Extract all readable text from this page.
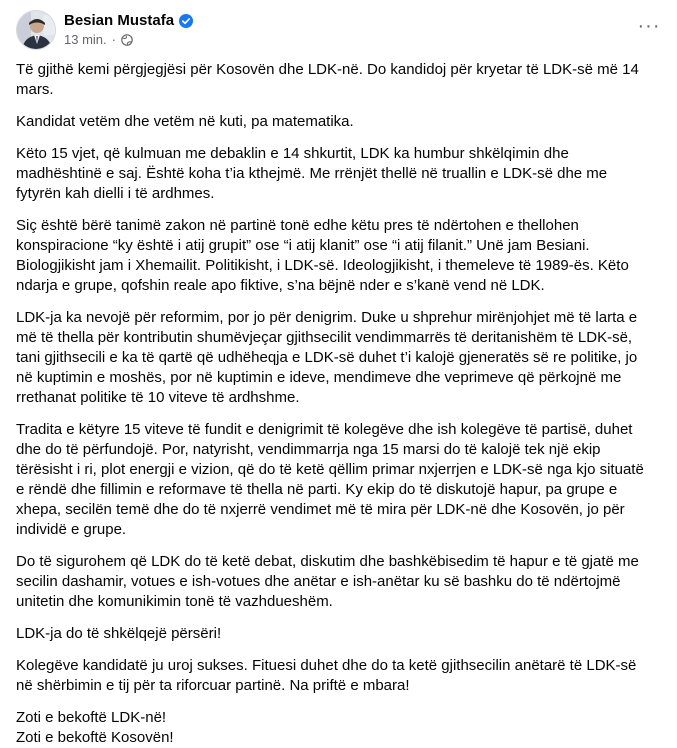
Besian Mustafa
13 min. ·
···

Të gjithë kemi përgjegjësi për Kosovën dhe LDK-në. Do kandidoj për kryetar të LDK-së më 14 mars.

Kandidat vetëm dhe vetëm në kuti, pa matematika.

Këto 15 vjet, që kulmuan me debaklin e 14 shkurtit, LDK ka humbur shkëlqimin dhe madhështinë e saj. Është koha t’ia kthejmë. Me rrënjët thellë në truallin e LDK-së dhe me fytyrën kah dielli i të ardhmes.

Siç është bërë tanimë zakon në partinë tonë edhe këtu pres të ndërtohen e thellohen konspiracione “ky është i atij grupit” ose “i atij klanit” ose “i atij filanit.” Unë jam Besiani. Biologjikisht jam i Xhemailit. Politikisht, i LDK-së. Ideologjikisht, i themeleve të 1989-ës. Këto ndarja e grupe, qofshin reale apo fiktive, s’na bëjnë nder e s’kanë vend në LDK.

LDK-ja ka nevojë për reformim, por jo për denigrim. Duke u shprehur mirënjohjet më të larta e më të thella për kontributin shumëvjeçar gjithsecilit vendimmarrës të deritanishëm të LDK-së, tani gjithsecili e ka të qartë që udhëheqja e LDK-së duhet t’i kalojë gjeneratës së re politike, jo në kuptimin e moshës, por në kuptimin e ideve, mendimeve dhe veprimeve që përkojnë me rrethanat politike të 10 viteve të ardhshme.

Tradita e këtyre 15 viteve të fundit e denigrimit të kolegëve dhe ish kolegëve të partisë, duhet dhe do të përfundojë. Por, natyrisht, vendimmarrja nga 15 marsi do të kalojë tek një ekip tërësisht i ri, plot energji e vizion, që do të ketë qëllim primar nxjerrjen e LDK-së nga kjo situatë e rëndë dhe fillimin e reformave të thella në parti. Ky ekip do të diskutojë hapur, pa grupe e xhepa, secilën temë dhe do të nxjerrë vendimet më të mira për LDK-në dhe Kosovën, jo për individë e grupe.

Do të sigurohem që LDK do të ketë debat, diskutim dhe bashkëbisedim të hapur e të gjatë me secilin dashamir, votues e ish-votues dhe anëtar e ish-anëtar ku së bashku do të ndërtojmë unitetin dhe komunikimin tonë të vazhdueshëm.

LDK-ja do të shkëlqejë përsëri!

Kolegëve kandidatë ju uroj sukses. Fituesi duhet dhe do ta ketë gjithsecilin anëtarë të LDK-së në shërbimin e tij për ta riforcuar partinë. Na priftë e mbara!

Zoti e bekoftë LDK-në!

Zoti e bekoftë Kosovën!
